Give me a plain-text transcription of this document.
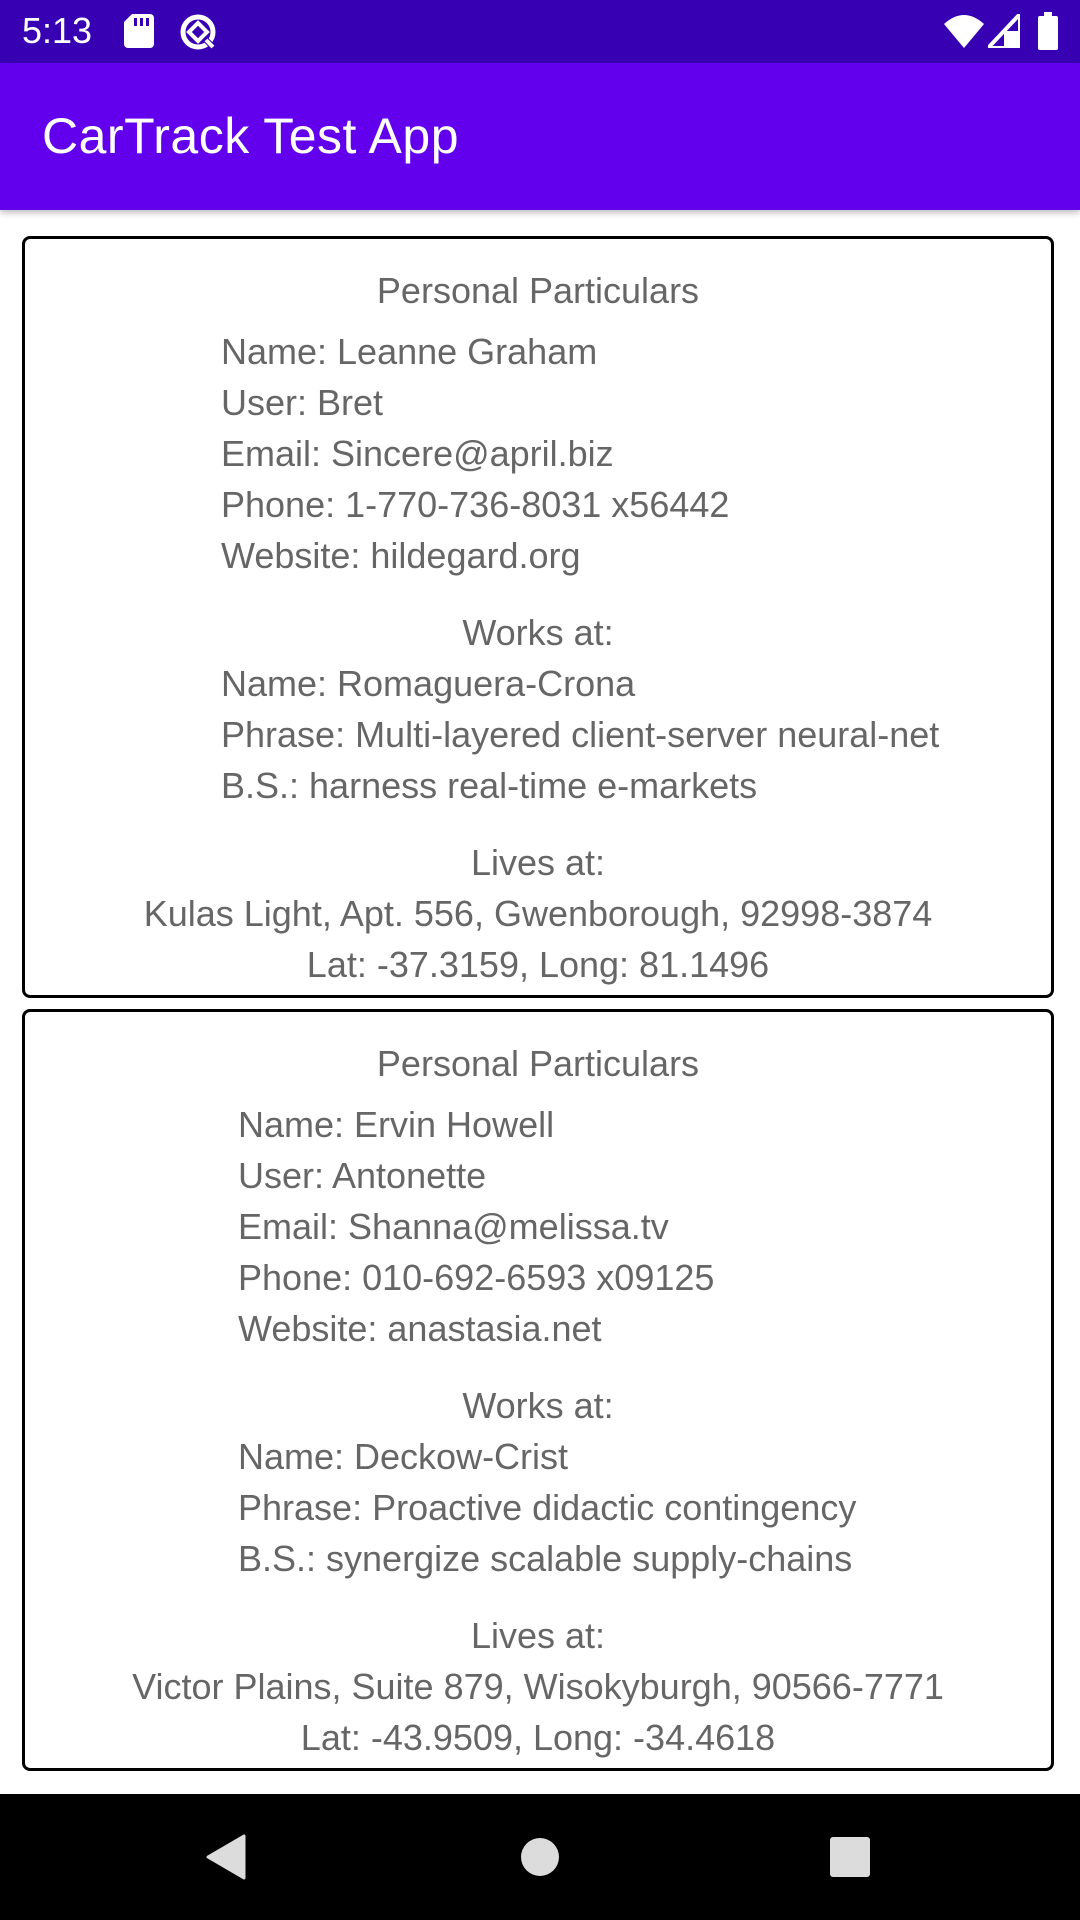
5:13
CarTrack Test App
Personal Particulars
Name: Leanne Graham
User: Bret
Email: Sincere@april.biz
Phone: 1-770-736-8031 x56442
Website: hildegard.org
Works at:
Name: Romaguera-Crona
Phrase: Multi-layered client-server neural-net
B.S.: harness real-time e-markets
Lives at:
Kulas Light, Apt. 556, Gwenborough, 92998-3874
Lat: -37.3159, Long: 81.1496
Personal Particulars
Name: Ervin Howell
User: Antonette
Email: Shanna@melissa.tv
Phone: 010-692-6593 x09125
Website: anastasia.net
Works at:
Name: Deckow-Crist
Phrase: Proactive didactic contingency
B.S.: synergize scalable supply-chains
Lives at:
Victor Plains, Suite 879, Wisokyburgh, 90566-7771
Lat: -43.9509, Long: -34.4618
